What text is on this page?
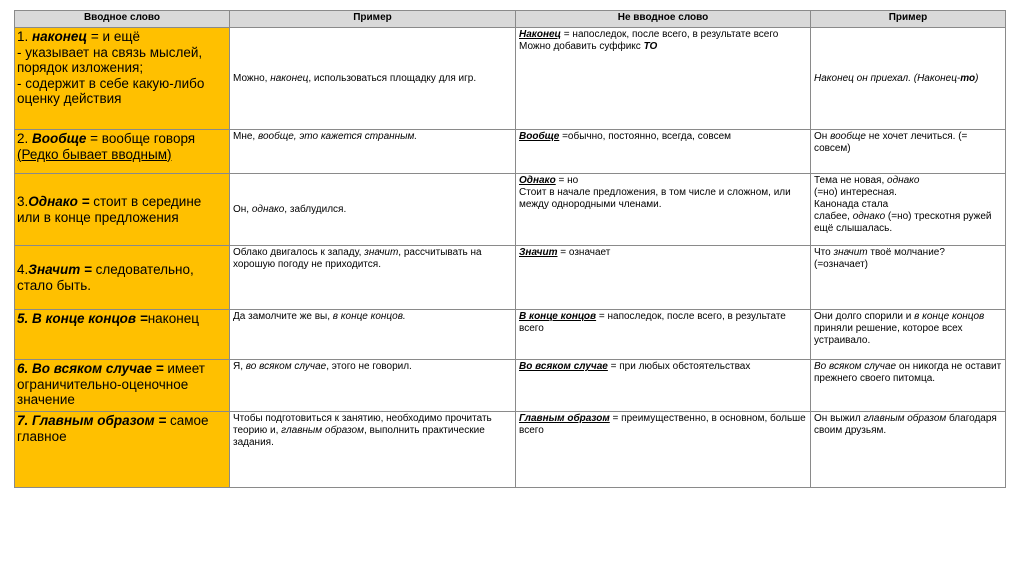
Вводное слово	Пример	Не вводное слово	Пример
1. наконец = и ещё
- указывает на связь мыслей, порядок изложения;
- содержит в себе какую-либо оценку действия	Можно, наконец, использоваться площадку для игр.	Наконец = напоследок, после всего, в результате всего
Можно добавить суффикс ТО	Наконец он приехал. (Наконец-то)
2. Вообще = вообще говоря
(Редко бывает вводным)	Мне, вообще, это кажется странным.	Вообще =обычно, постоянно, всегда, совсем	Он вообще не хочет лечиться. (= совсем)
3.Однако = стоит в середине или в конце предложения	Он, однако, заблудился.	Однако = но
Стоит в начале предложения, в том числе и сложном, или между однородными членами.	Тема не новая, однако
(=но) интересная.
Канонада стала
слабее, однако (=но) трескотня ружей ещё слышалась.

4.Значит = следовательно, стало быть.	Облако двигалось к западу, значит, рассчитывать на хорошую погоду не приходится.	Значит = означает	Что значит твоё молчание?
(=означает)

5. В конце концов =наконец	Да замолчите же вы, в конце концов.	В конце концов = напоследок, после всего, в результате всего	Они долго спорили и в конце концов приняли решение, которое всех устраивало.
6. Во всяком случае = имеет ограничительно-оценочное значение	Я, во всяком случае, этого не говорил.	Во всяком случае = при любых обстоятельствах	Во всяком случае он никогда не оставит прежнего своего питомца.
7. Главным образом = самое главное	Чтобы подготовиться к занятию, необходимо прочитать теорию и, главным образом, выполнить практические задания.	Главным образом = преимущественно, в основном, больше всего	Он выжил главным образом благодаря своим друзьям.
